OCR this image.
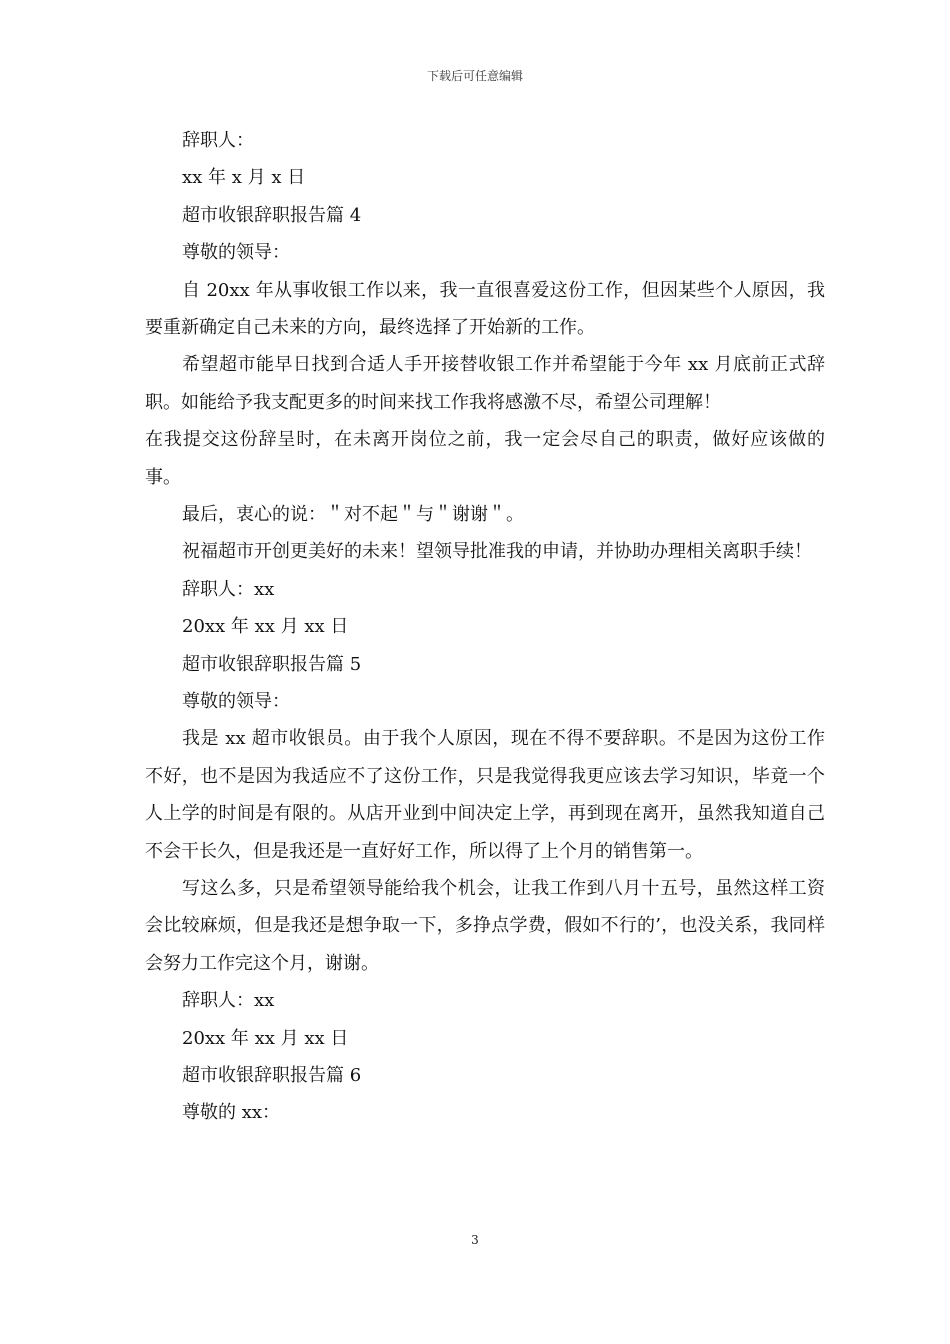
下载后可任意编辑
辞职人：
xx 年 x 月 x 日
超市收银辞职报告篇 4
尊敬的领导：

自 20xx 年从事收银工作以来，我一直很喜爱这份工作，但因某些个人原因，我要重新确定自己未来的方向，最终选择了开始新的工作。

希望超市能早日找到合适人手开接替收银工作并希望能于今年 xx 月底前正式辞职。如能给予我支配更多的时间来找工作我将感激不尽，希望公司理解！

在我提交这份辞呈时，在未离开岗位之前，我一定会尽自己的职责，做好应该做的事。

最后，衷心的说：＂对不起＂与＂谢谢＂。

祝福超市开创更美好的未来！望领导批准我的申请，并协助办理相关离职手续！

辞职人：xx
20xx 年 xx 月 xx 日
超市收银辞职报告篇 5
尊敬的领导：

我是 xx 超市收银员。由于我个人原因，现在不得不要辞职。不是因为这份工作不好，也不是因为我适应不了这份工作，只是我觉得我更应该去学习知识，毕竟一个人上学的时间是有限的。从店开业到中间决定上学，再到现在离开，虽然我知道自己不会干长久，但是我还是一直好好工作，所以得了上个月的销售第一。

写这么多，只是希望领导能给我个机会，让我工作到八月十五号，虽然这样工资会比较麻烦，但是我还是想争取一下，多挣点学费，假如不行的’，也没关系，我同样会努力工作完这个月，谢谢。

辞职人：xx
20xx 年 xx 月 xx 日
超市收银辞职报告篇 6
尊敬的 xx：
3
